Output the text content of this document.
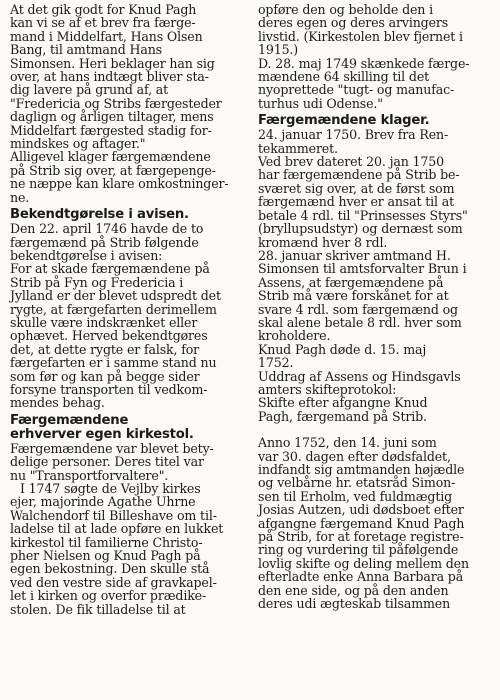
At det gik godt for Knud Pagh
kan vi se af et brev fra færge-
mand i Middelfart, Hans Olsen
Bang, til amtmand Hans
Simonsen. Heri beklager han sig
over, at hans indtægt bliver sta-
dig lavere på grund af, at
"Fredericia og Stribs færgesteder
daglign og årligen tiltager, mens
Middelfart færgested stadig for-
mindskes og aftager."

Alligevel klager færgemændene
på Strib sig over, at færgepenge-
ne næppe kan klare omkostninger-
ne.

Bekendtgørelse i avisen.

Den 22. april 1746 havde de to
færgemænd på Strib følgende
bekendtgørelse i avisen:

For at skade færgemændene på
Strib på Fyn og Fredericia i
Jylland er der blevet udspredt det
rygte, at færgefarten derimellem
skulle være indskrænket eller
ophævet. Herved bekendtgøres
det, at dette rygte er falsk, for
færgefarten er i samme stand nu
som før og kan på begge sider
forsyne transporten til vedkom-
mendes behag.

Færgemændene
erhverver egen kirkestol.

Færgemændene var blevet bety-
delige personer. Deres titel var
nu "Transportforvaltere".

I 1747 søgte de Vejlby kirkes
ejer, majorinde Agathe Uhrne
Walchendorf til Billeshave om til-
ladelse til at lade opføre en lukket
kirkestol til familierne Christo-
pher Nielsen og Knud Pagh på
egen bekostning. Den skulle stå
ved den vestre side af gravkapel-
let i kirken og overfor prædike-
stolen. De fik tilladelse til at

opføre den og beholde den i
deres egen og deres arvingers
livstid. (Kirkestolen blev fjernet i
1915.)

D. 28. maj 1749 skænkede færge-
mændene 64 skilling til det
nyoprettede "tugt- og manufac-
turhus udi Odense."

Færgemændene klager.

24. januar 1750. Brev fra Ren-
tekammeret.

Ved brev dateret 20. jan 1750
har færgemændene på Strib be-
sværet sig over, at de først som
færgemænd hver er ansat til at
betale 4 rdl. til "Prinsesses Styrs"
(bryllupsudstyr) og dernæst som
kromænd hver 8 rdl.

28. januar skriver amtmand H.
Simonsen til amtsforvalter Brun i
Assens, at færgemændene på
Strib må være forskånet for at
svare 4 rdl. som færgemænd og
skal alene betale 8 rdl. hver som
kroholdere.

Knud Pagh døde d. 15. maj
1752.

Uddrag af Assens og Hindsgavls
amters skifteprotokol:

Skifte efter afgangne Knud
Pagh, færgemand på Strib.

Anno 1752, den 14. juni som
var 30. dagen efter dødsfaldet,
indfandt sig amtmanden højædle
og velbårne hr. etatsråd Simon-
sen til Erholm, ved fuldmægtig
Josias Autzen, udi dødsboet efter
afgangne færgemand Knud Pagh
på Strib, for at foretage registre-
ring og vurdering til påfølgende
lovlig skifte og deling mellem den
efterladte enke Anna Barbara på
den ene side, og på den anden
deres udi ægteskab tilsammen
